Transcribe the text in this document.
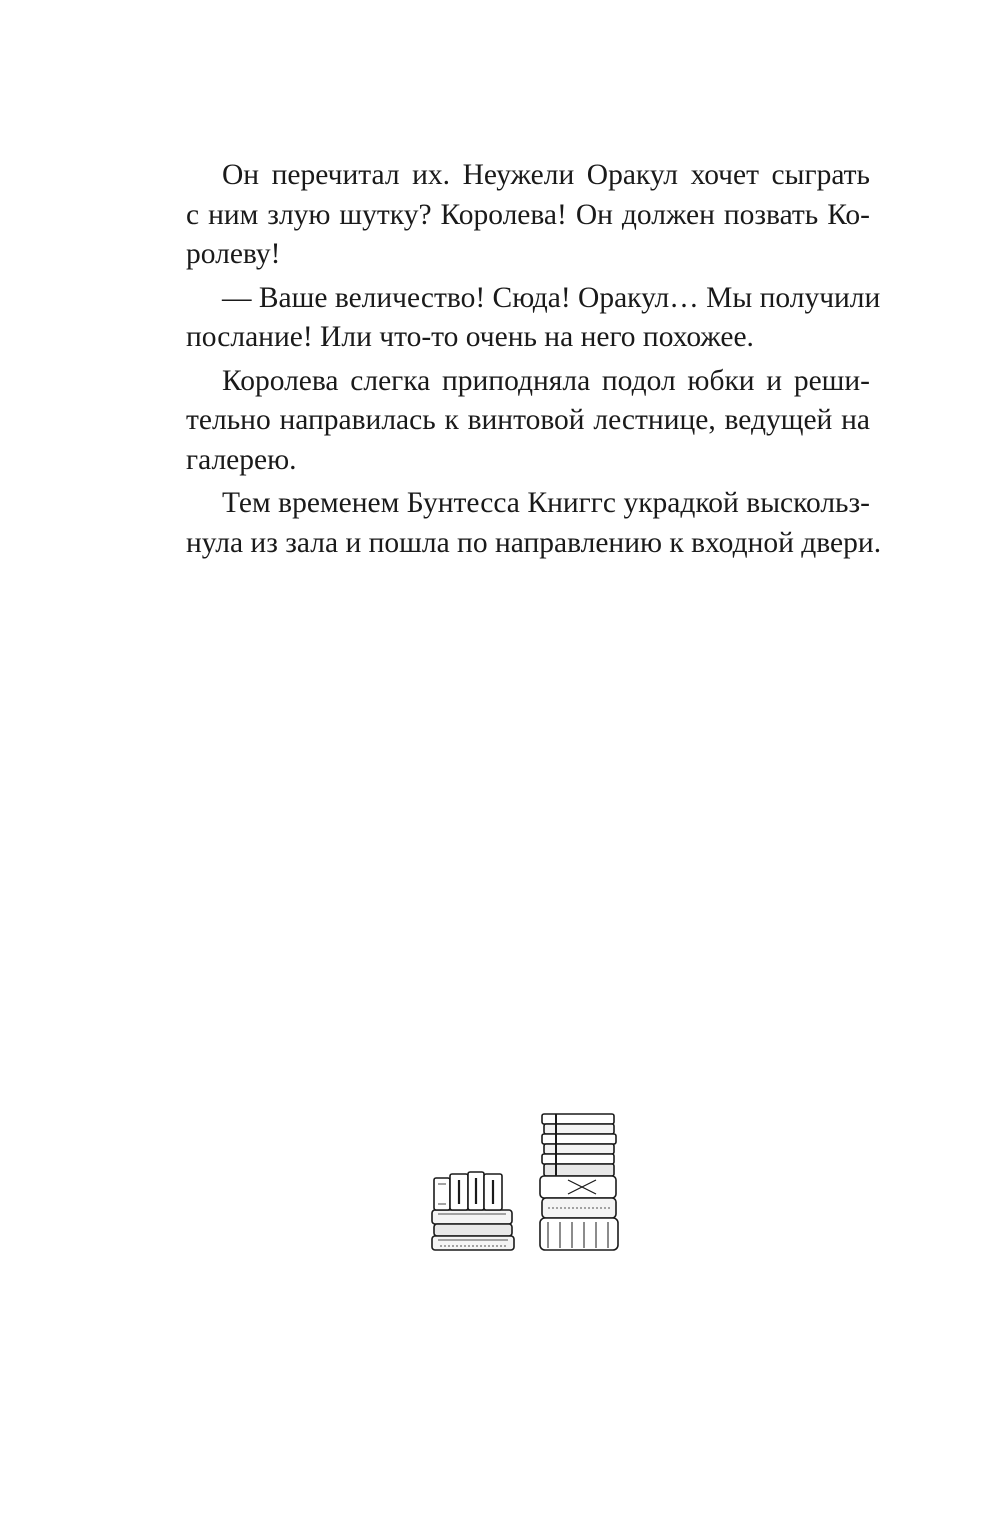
Он перечитал их. Неужели Оракул хочет сыграть
с ним злую шутку? Королева! Он должен позвать Ко-
ролеву!

— Ваше величество! Сюда! Оракул… Мы получили
послание! Или что-то очень на него похожее.

Королева слегка приподняла подол юбки и реши-
тельно направилась к винтовой лестнице, ведущей на
галерею.

Тем временем Бунтесса Книггс украдкой выскольз-
нула из зала и пошла по направлению к входной двери.
